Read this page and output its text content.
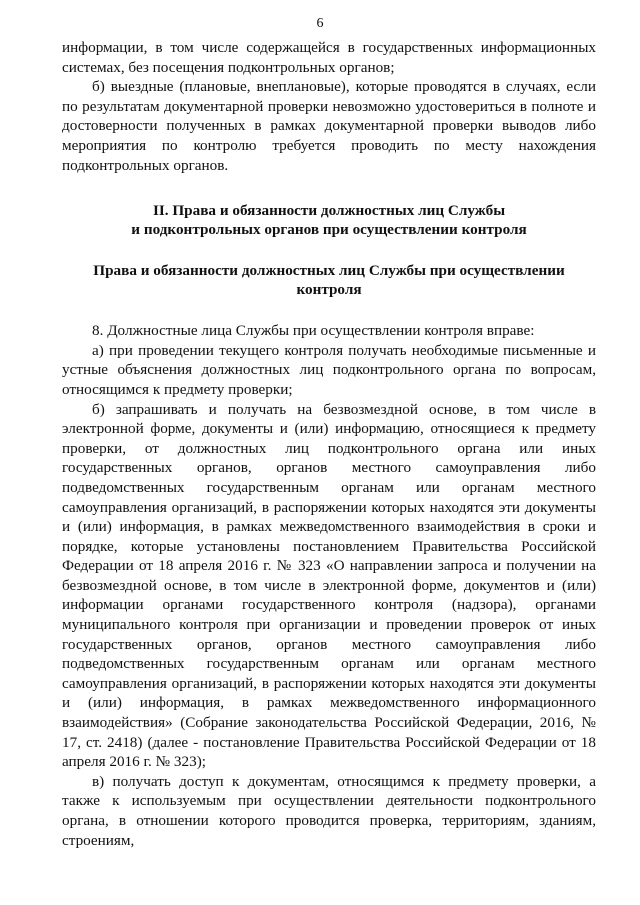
6

информации, в том числе содержащейся в государственных информационных системах, без посещения подконтрольных органов;

б) выездные (плановые, внеплановые), которые проводятся в случаях, если по результатам документарной проверки невозможно удостовериться в полноте и достоверности полученных в рамках документарной проверки выводов либо мероприятия по контролю требуется проводить по месту нахождения подконтрольных органов.

II. Права и обязанности должностных лиц Службы
и подконтрольных органов при осуществлении контроля
Права и обязанности должностных лиц Службы при осуществлении
контроля

8. Должностные лица Службы при осуществлении контроля вправе:

а) при проведении текущего контроля получать необходимые письменные и устные объяснения должностных лиц подконтрольного органа по вопросам, относящимся к предмету проверки;

б) запрашивать и получать на безвозмездной основе, в том числе в электронной форме, документы и (или) информацию, относящиеся к предмету проверки, от должностных лиц подконтрольного органа или иных государственных органов, органов местного самоуправления либо подведомственных государственным органам или органам местного самоуправления организаций, в распоряжении которых находятся эти документы и (или) информация, в рамках межведомственного взаимодействия в сроки и порядке, которые установлены постановлением Правительства Российской Федерации от 18 апреля 2016 г. № 323 «О направлении запроса и получении на безвозмездной основе, в том числе в электронной форме, документов и (или) информации органами государственного контроля (надзора), органами муниципального контроля при организации и проведении проверок от иных государственных органов, органов местного самоуправления либо подведомственных государственным органам или органам местного самоуправления организаций, в распоряжении которых находятся эти документы и (или) информация, в рамках межведомственного информационного взаимодействия» (Собрание законодательства Российской Федерации, 2016, № 17, ст. 2418) (далее - постановление Правительства Российской Федерации от 18 апреля 2016 г. № 323);

в) получать доступ к документам, относящимся к предмету проверки, а также к используемым при осуществлении деятельности подконтрольного органа, в отношении которого проводится проверка, территориям, зданиям, строениям,
